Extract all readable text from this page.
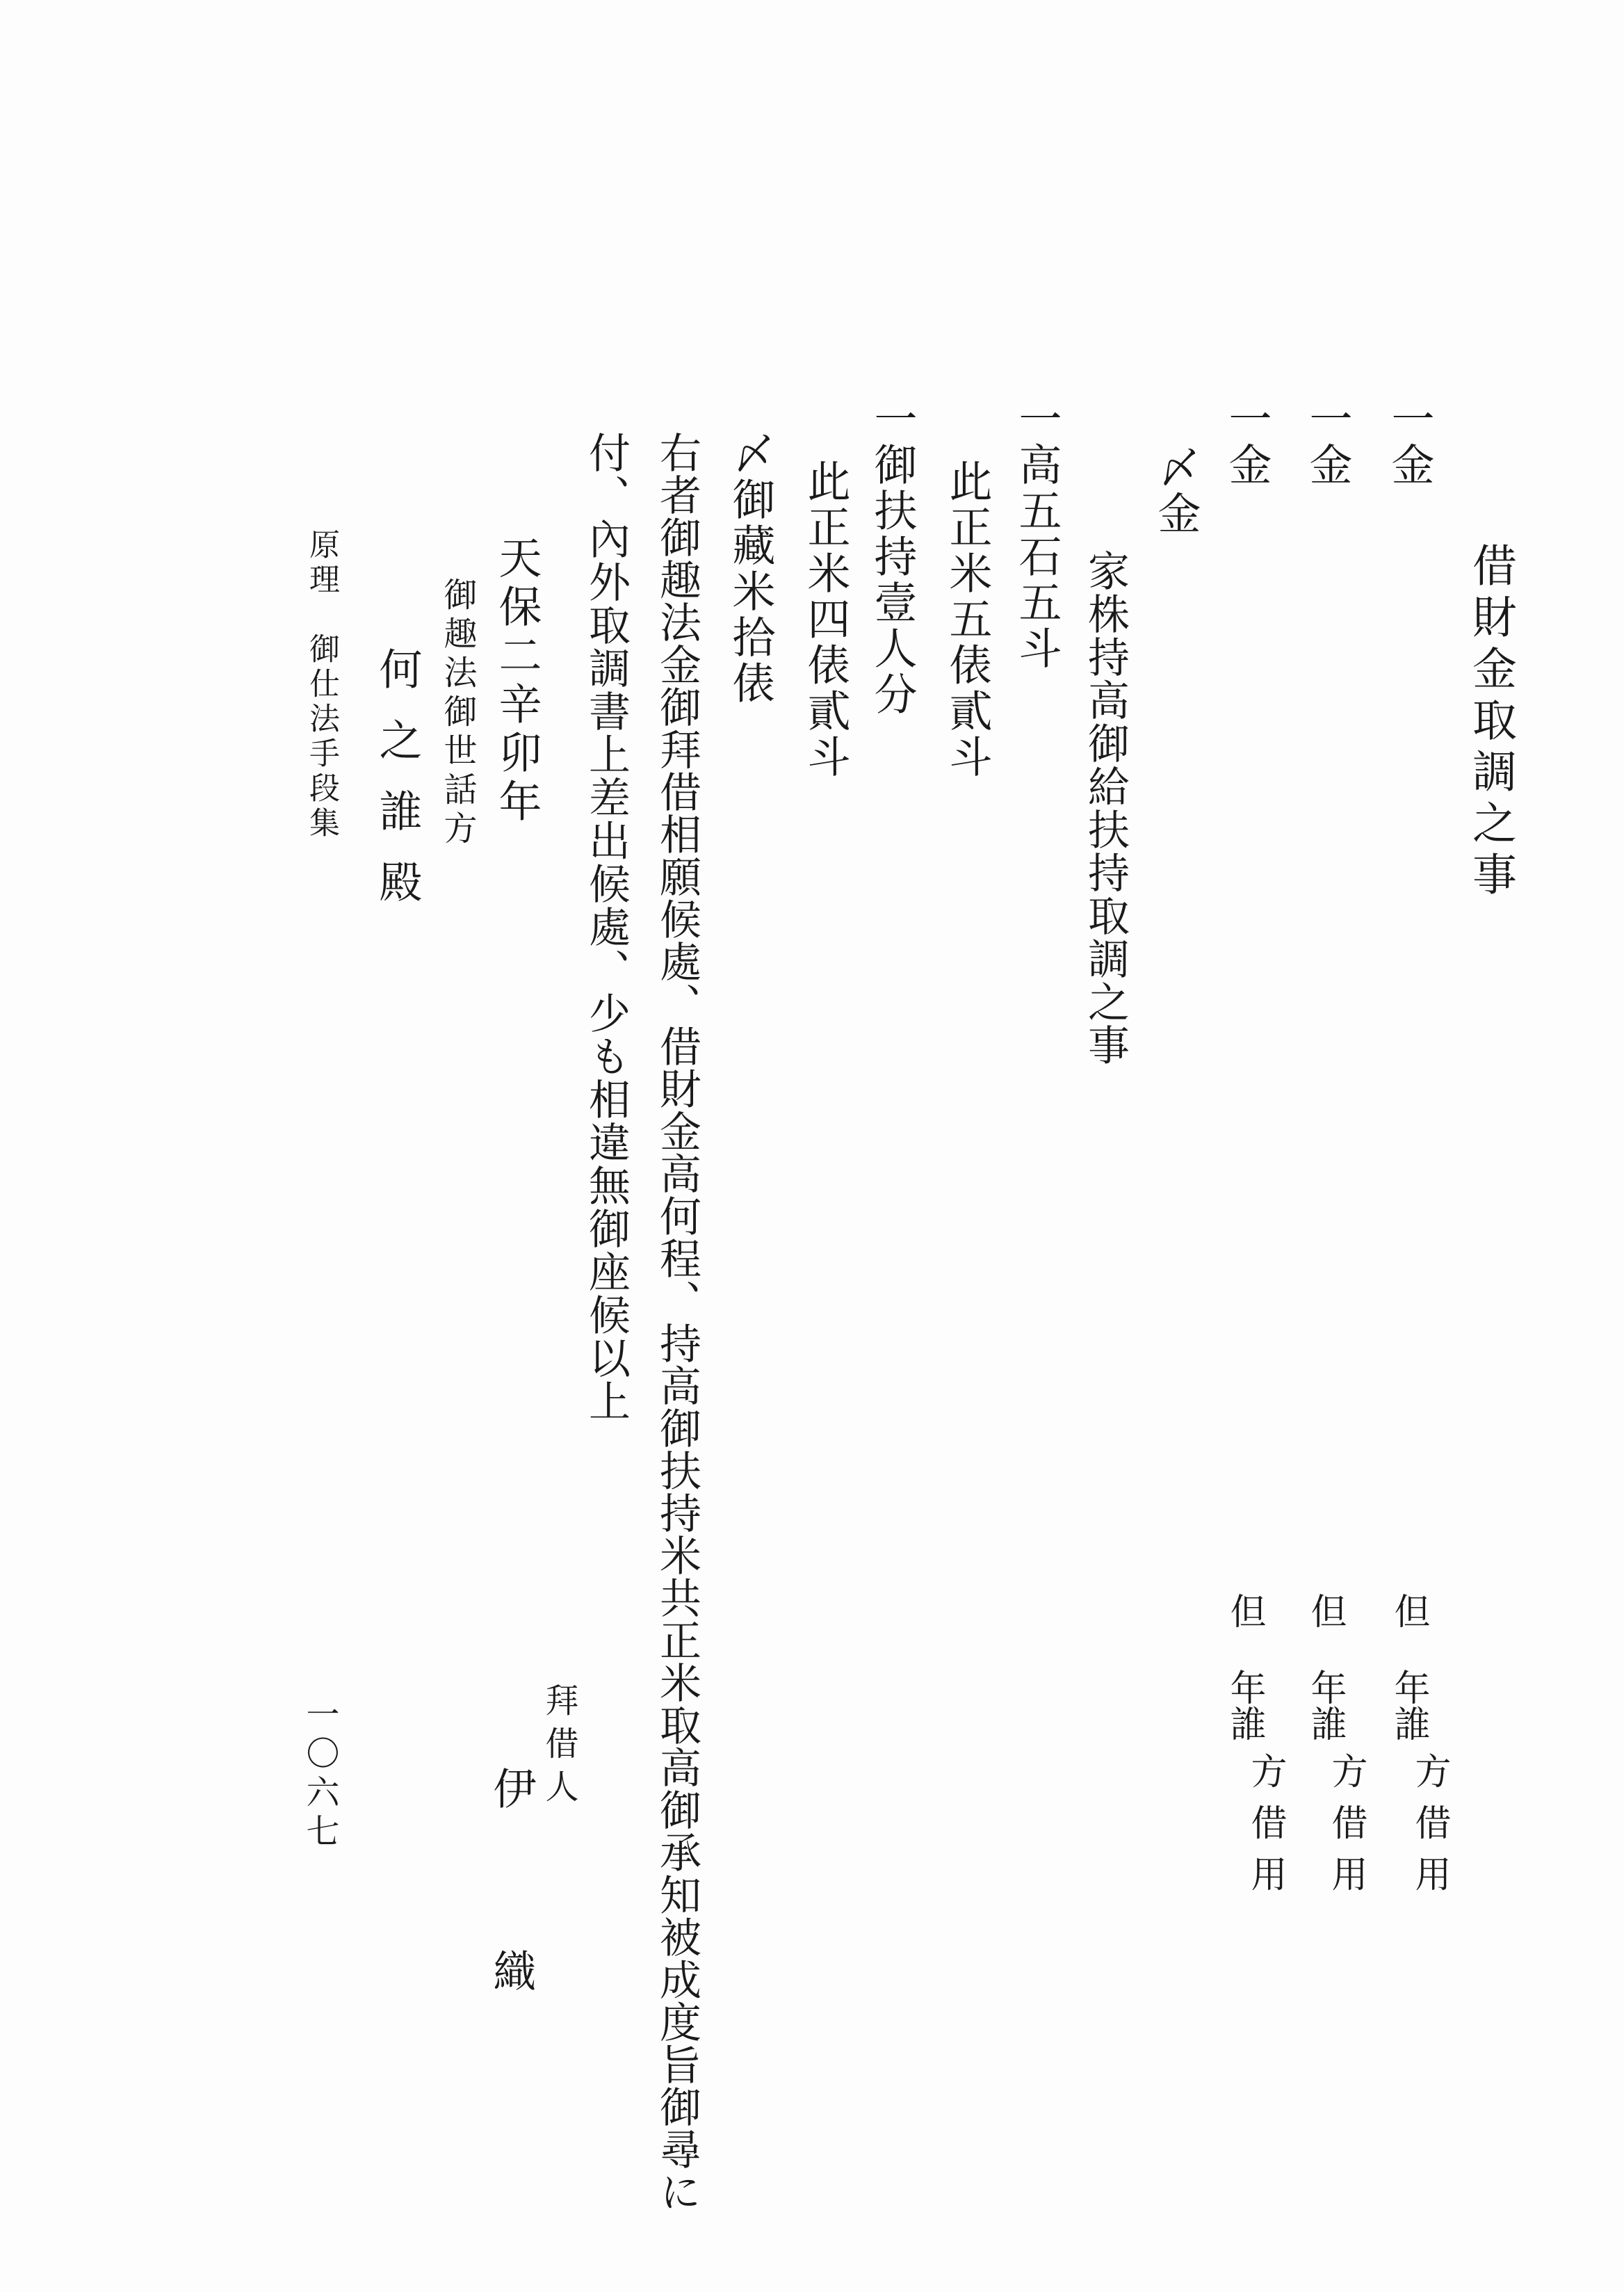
借財金取調之事
一金
一金
一金
〆金
但
年誰
方借用
但
年誰
方借用
但
年誰
方借用
家株持高御給扶持取調之事
一高五石五斗
此正米五俵貳斗
一御扶持壹人分
此正米四俵貳斗
〆御藏米拾俵
右者御趣法金御拜借相願候處、借財金高何程、持高御扶持米共正米取高御承知被成度旨御尋に
付、內外取調書上差出候處、少も相違無御座候以上
天保二辛卯年
拜借人
伊織
御趣法御世話方
何之誰殿
原理　御仕法手段集
一〇六七
